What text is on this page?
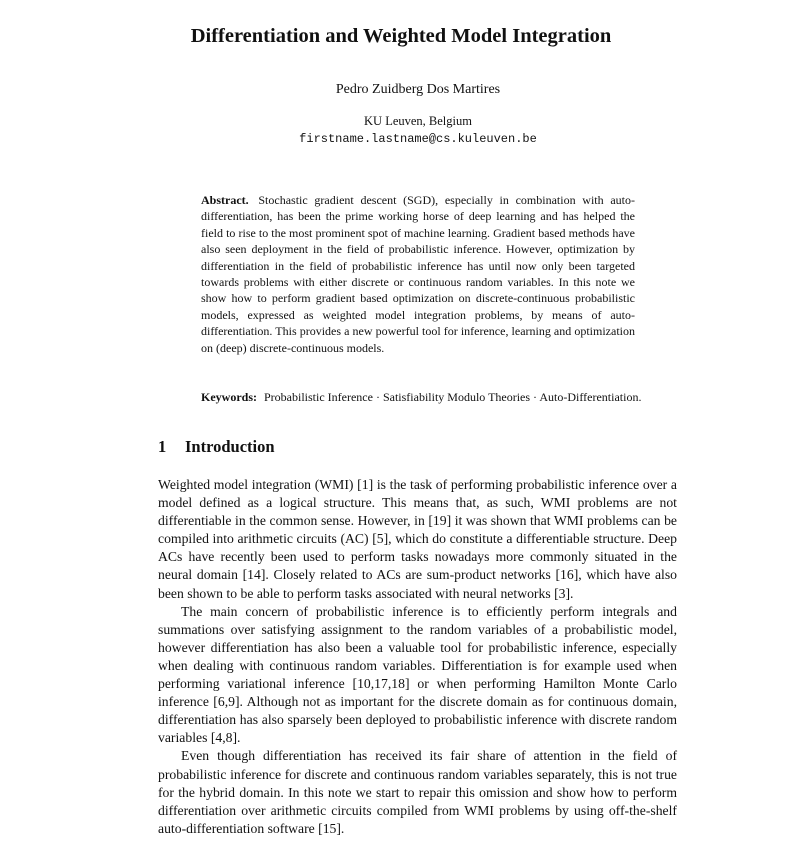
Differentiation and Weighted Model Integration
Pedro Zuidberg Dos Martires
KU Leuven, Belgium
firstname.lastname@cs.kuleuven.be
Abstract. Stochastic gradient descent (SGD), especially in combination with auto-differentiation, has been the prime working horse of deep learning and has helped the field to rise to the most prominent spot of machine learning. Gradient based methods have also seen deployment in the field of probabilistic inference. However, optimization by differentiation in the field of probabilistic inference has until now only been targeted towards problems with either discrete or continuous random variables. In this note we show how to perform gradient based optimization on discrete-continuous probabilistic models, expressed as weighted model integration problems, by means of auto-differentiation. This provides a new powerful tool for inference, learning and optimization on (deep) discrete-continuous models.
Keywords: Probabilistic Inference · Satisfiability Modulo Theories · Auto-Differentiation.
1 Introduction

Weighted model integration (WMI) [1] is the task of performing probabilistic inference over a model defined as a logical structure. This means that, as such, WMI problems are not differentiable in the common sense. However, in [19] it was shown that WMI problems can be compiled into arithmetic circuits (AC) [5], which do constitute a differentiable structure. Deep ACs have recently been used to perform tasks nowadays more commonly situated in the neural domain [14]. Closely related to ACs are sum-product networks [16], which have also been shown to be able to perform tasks associated with neural networks [3].

The main concern of probabilistic inference is to efficiently perform integrals and summations over satisfying assignment to the random variables of a probabilistic model, however differentiation has also been a valuable tool for probabilistic inference, especially when dealing with continuous random variables. Differentiation is for example used when performing variational inference [10,17,18] or when performing Hamilton Monte Carlo inference [6,9]. Although not as important for the discrete domain as for continuous domain, differentiation has also sparsely been deployed to probabilistic inference with discrete random variables [4,8].

Even though differentiation has received its fair share of attention in the field of probabilistic inference for discrete and continuous random variables separately, this is not true for the hybrid domain. In this note we start to repair this omission and show how to perform differentiation over arithmetic circuits compiled from WMI problems by using off-the-shelf auto-differentiation software [15].
